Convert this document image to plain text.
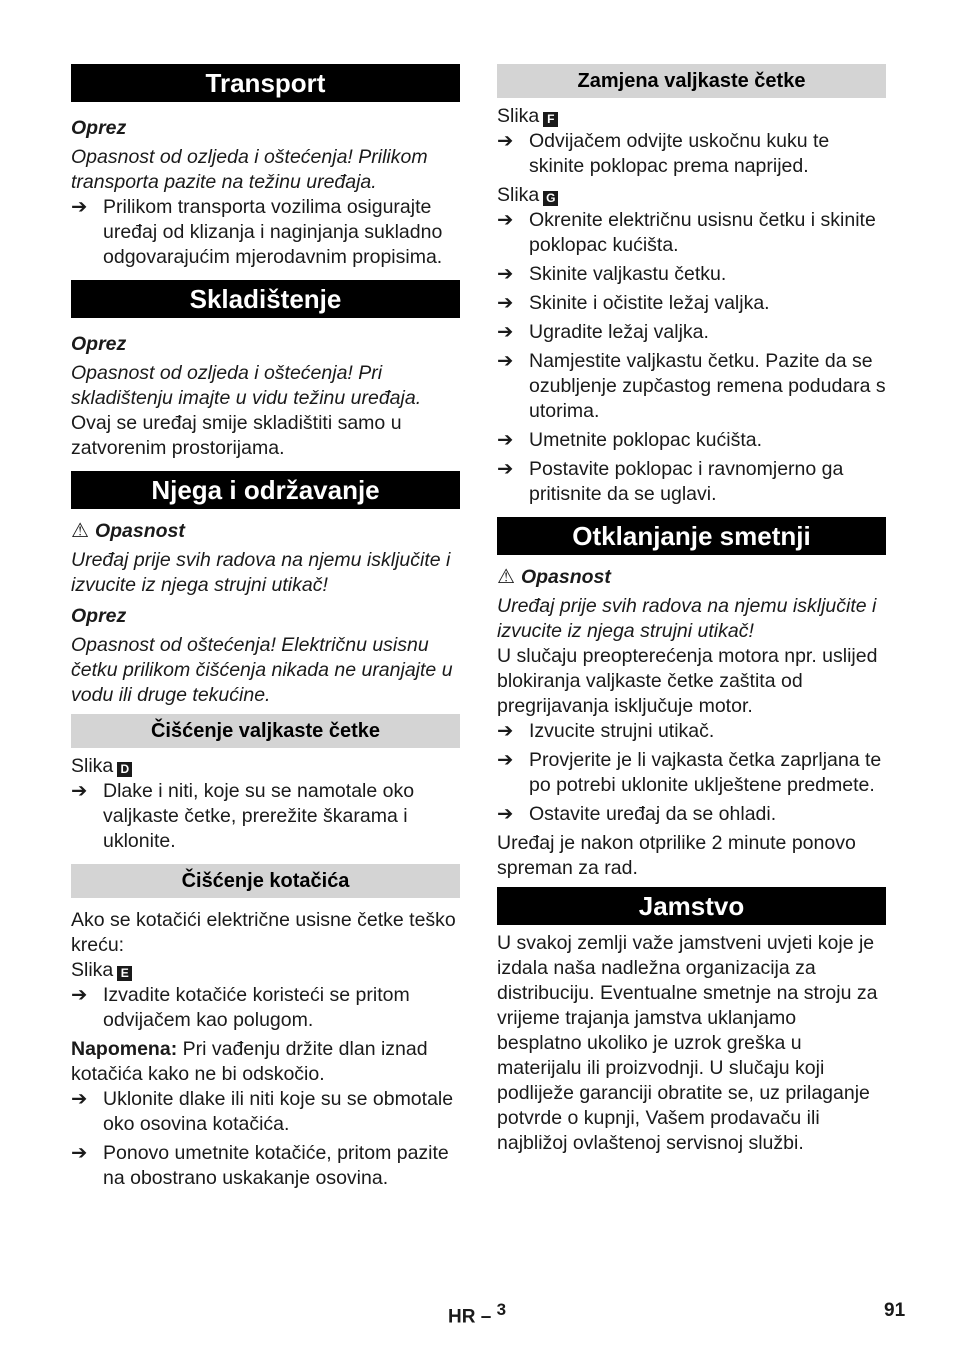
Transport

Oprez

Opasnost od ozljeda i oštećenja! Prilikom transporta pazite na težinu uređaja.

➔ Prilikom transporta vozilima osigurajte uređaj od klizanja i naginjanja sukladno odgovarajućim mjerodavnim propisima.
Skladištenje

Oprez

Opasnost od ozljeda i oštećenja! Pri skladištenju imajte u vidu težinu uređaja.

Ovaj se uređaj smije skladištiti samo u zatvorenim prostorijama.

Njega i održavanje

⚠ Opasnost

Uređaj prije svih radova na njemu isključite i izvucite iz njega strujni utikač!

Oprez

Opasnost od oštećenja! Električnu usisnu četku prilikom čišćenja nikada ne uranjajte u vodu ili druge tekućine.

Čišćenje valjkaste četke

Slika D

➔ Dlake i niti, koje su se namotale oko valjkaste četke, prerežite škarama i uklonite.
Čišćenje kotačića

Ako se kotačići električne usisne četke teško kreću:

Slika E

➔ Izvadite kotačiće koristeći se pritom odvijačem kao polugom.

Napomena: Pri vađenju držite dlan iznad kotačića kako ne bi odskočio.

➔ Uklonite dlake ili niti koje su se obmotale oko osovina kotačića.
➔ Ponovo umetnite kotačiće, pritom pazite na obostrano uskakanje osovina.
Zamjena valjkaste četke

Slika F

➔ Odvijačem odvijte uskočnu kuku te skinite poklopac prema naprijed.

Slika G

➔ Okrenite električnu usisnu četku i skinite poklopac kućišta.
➔ Skinite valjkastu četku.
➔ Skinite i očistite ležaj valjka.
➔ Ugradite ležaj valjka.
➔ Namjestite valjkastu četku. Pazite da se ozubljenje zupčastog remena podudara s utorima.
➔ Umetnite poklopac kućišta.
➔ Postavite poklopac i ravnomjerno ga pritisnite da se uglavi.
Otklanjanje smetnji

⚠ Opasnost

Uređaj prije svih radova na njemu isključite i izvucite iz njega strujni utikač!

U slučaju preopterećenja motora npr. uslijed blokiranja valjkaste četke zaštita od pregrijavanja isključuje motor.

➔ Izvucite strujni utikač.
➔ Provjerite je li vajkasta četka zaprljana te po potrebi uklonite uklještene predmete.
➔ Ostavite uređaj da se ohladi.

Uređaj je nakon otprilike 2 minute ponovo spreman za rad.

Jamstvo

U svakoj zemlji važe jamstveni uvjeti koje je izdala naša nadležna organizacija za distribuciju. Eventualne smetnje na stroju za vrijeme trajanja jamstva uklanjamo besplatno ukoliko je uzrok greška u materijalu ili proizvodnji. U slučaju koji podliježe garanciji obratite se, uz prilaganje potvrde o kupnji, Vašem prodavaču ili najbližoj ovlaštenoj servisnoj službi.

HR – $^3$	91
